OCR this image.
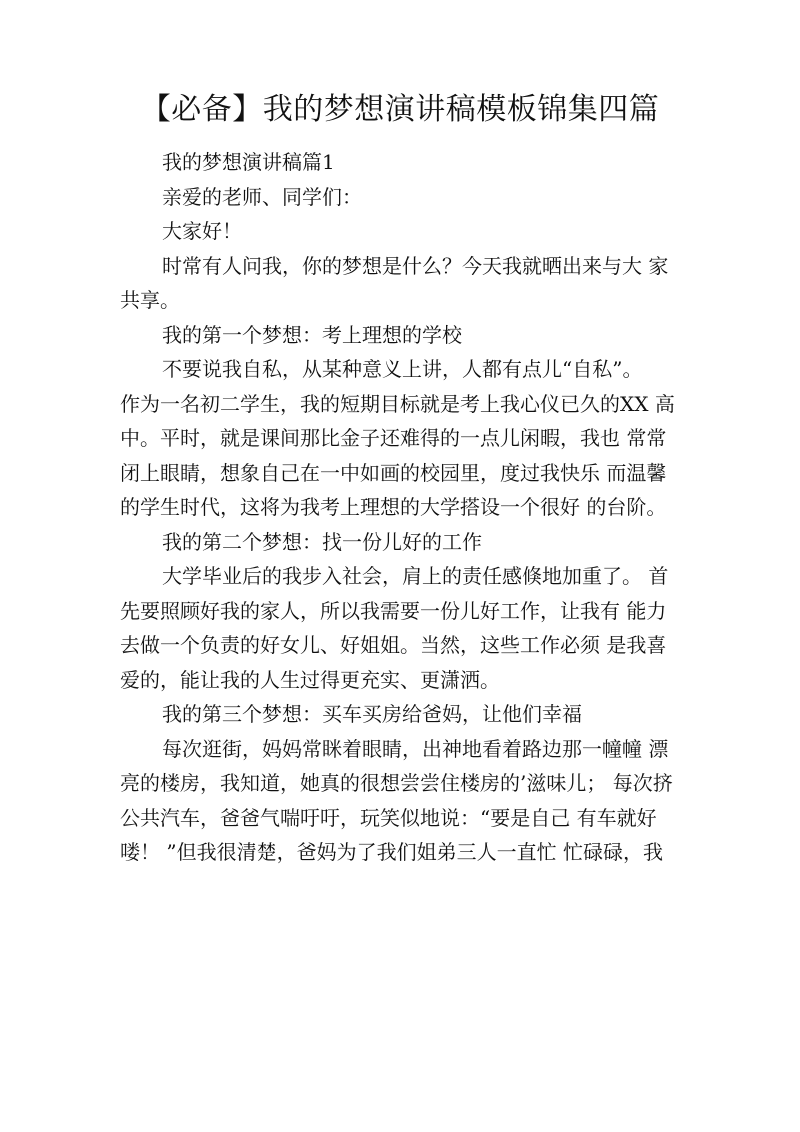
【必备】我的梦想演讲稿模板锦集四篇

我的梦想演讲稿篇1

亲爱的老师、同学们：

大家好！

时常有人问我，你的梦想是什么？今天我就晒出来与大 家
共享。

我的第一个梦想：考上理想的学校

不要说我自私，从某种意义上讲，人都有点儿“自私”。
作为一名初二学生，我的短期目标就是考上我心仪已久的XX 高
中。平时，就是课间那比金子还难得的一点儿闲暇，我也 常常
闭上眼睛，想象自己在一中如画的校园里，度过我快乐 而温馨
的学生时代，这将为我考上理想的大学搭设一个很好 的台阶。

我的第二个梦想：找一份儿好的工作

大学毕业后的我步入社会，肩上的责任感倏地加重了。 首
先要照顾好我的家人，所以我需要一份儿好工作，让我有 能力
去做一个负责的好女儿、好姐姐。当然，这些工作必须 是我喜
爱的，能让我的人生过得更充实、更潇洒。

我的第三个梦想：买车买房给爸妈，让他们幸福

每次逛街，妈妈常眯着眼睛，出神地看着路边那一幢幢 漂
亮的楼房，我知道，她真的很想尝尝住楼房的’滋味儿； 每次挤
公共汽车，爸爸气喘吁吁，玩笑似地说：“要是自己 有车就好
喽！ ”但我很清楚，爸妈为了我们姐弟三人一直忙 忙碌碌，我
